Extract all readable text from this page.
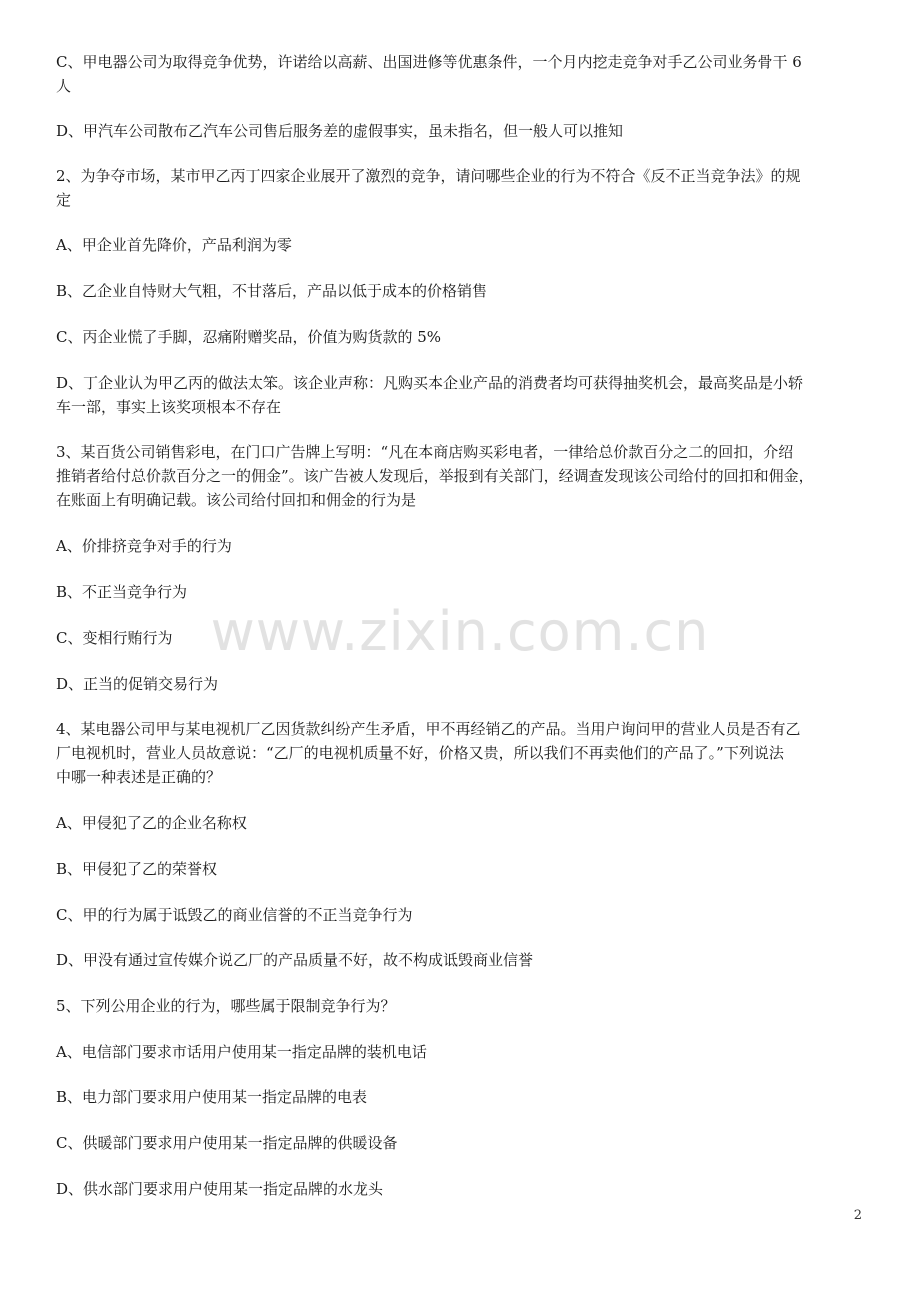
www.zixin.com.cn

C、甲电器公司为取得竞争优势，许诺给以高薪、出国进修等优惠条件，一个月内挖走竞争对手乙公司业务骨干 6

人

D、甲汽车公司散布乙汽车公司售后服务差的虚假事实，虽未指名，但一般人可以推知

2、为争夺市场，某市甲乙丙丁四家企业展开了激烈的竞争，请问哪些企业的行为不符合《反不正当竞争法》的规

定

A、甲企业首先降价，产品利润为零

B、乙企业自恃财大气粗，不甘落后，产品以低于成本的价格销售

C、丙企业慌了手脚，忍痛附赠奖品，价值为购货款的 5%

D、丁企业认为甲乙丙的做法太笨。该企业声称：凡购买本企业产品的消费者均可获得抽奖机会，最高奖品是小轿

车一部，事实上该奖项根本不存在

3、某百货公司销售彩电，在门口广告牌上写明：“凡在本商店购买彩电者，一律给总价款百分之二的回扣，介绍

推销者给付总价款百分之一的佣金”。该广告被人发现后，举报到有关部门，经调查发现该公司给付的回扣和佣金，

在账面上有明确记载。该公司给付回扣和佣金的行为是

A、价排挤竞争对手的行为

B、不正当竞争行为

C、变相行贿行为

D、正当的促销交易行为

4、某电器公司甲与某电视机厂乙因货款纠纷产生矛盾，甲不再经销乙的产品。当用户询问甲的营业人员是否有乙

厂电视机时，营业人员故意说：“乙厂的电视机质量不好，价格又贵，所以我们不再卖他们的产品了。”下列说法

中哪一种表述是正确的？

A、甲侵犯了乙的企业名称权

B、甲侵犯了乙的荣誉权

C、甲的行为属于诋毁乙的商业信誉的不正当竞争行为

D、甲没有通过宣传媒介说乙厂的产品质量不好，故不构成诋毁商业信誉

5、下列公用企业的行为，哪些属于限制竞争行为？

A、电信部门要求市话用户使用某一指定品牌的装机电话

B、电力部门要求用户使用某一指定品牌的电表

C、供暖部门要求用户使用某一指定品牌的供暖设备

D、供水部门要求用户使用某一指定品牌的水龙头

2
